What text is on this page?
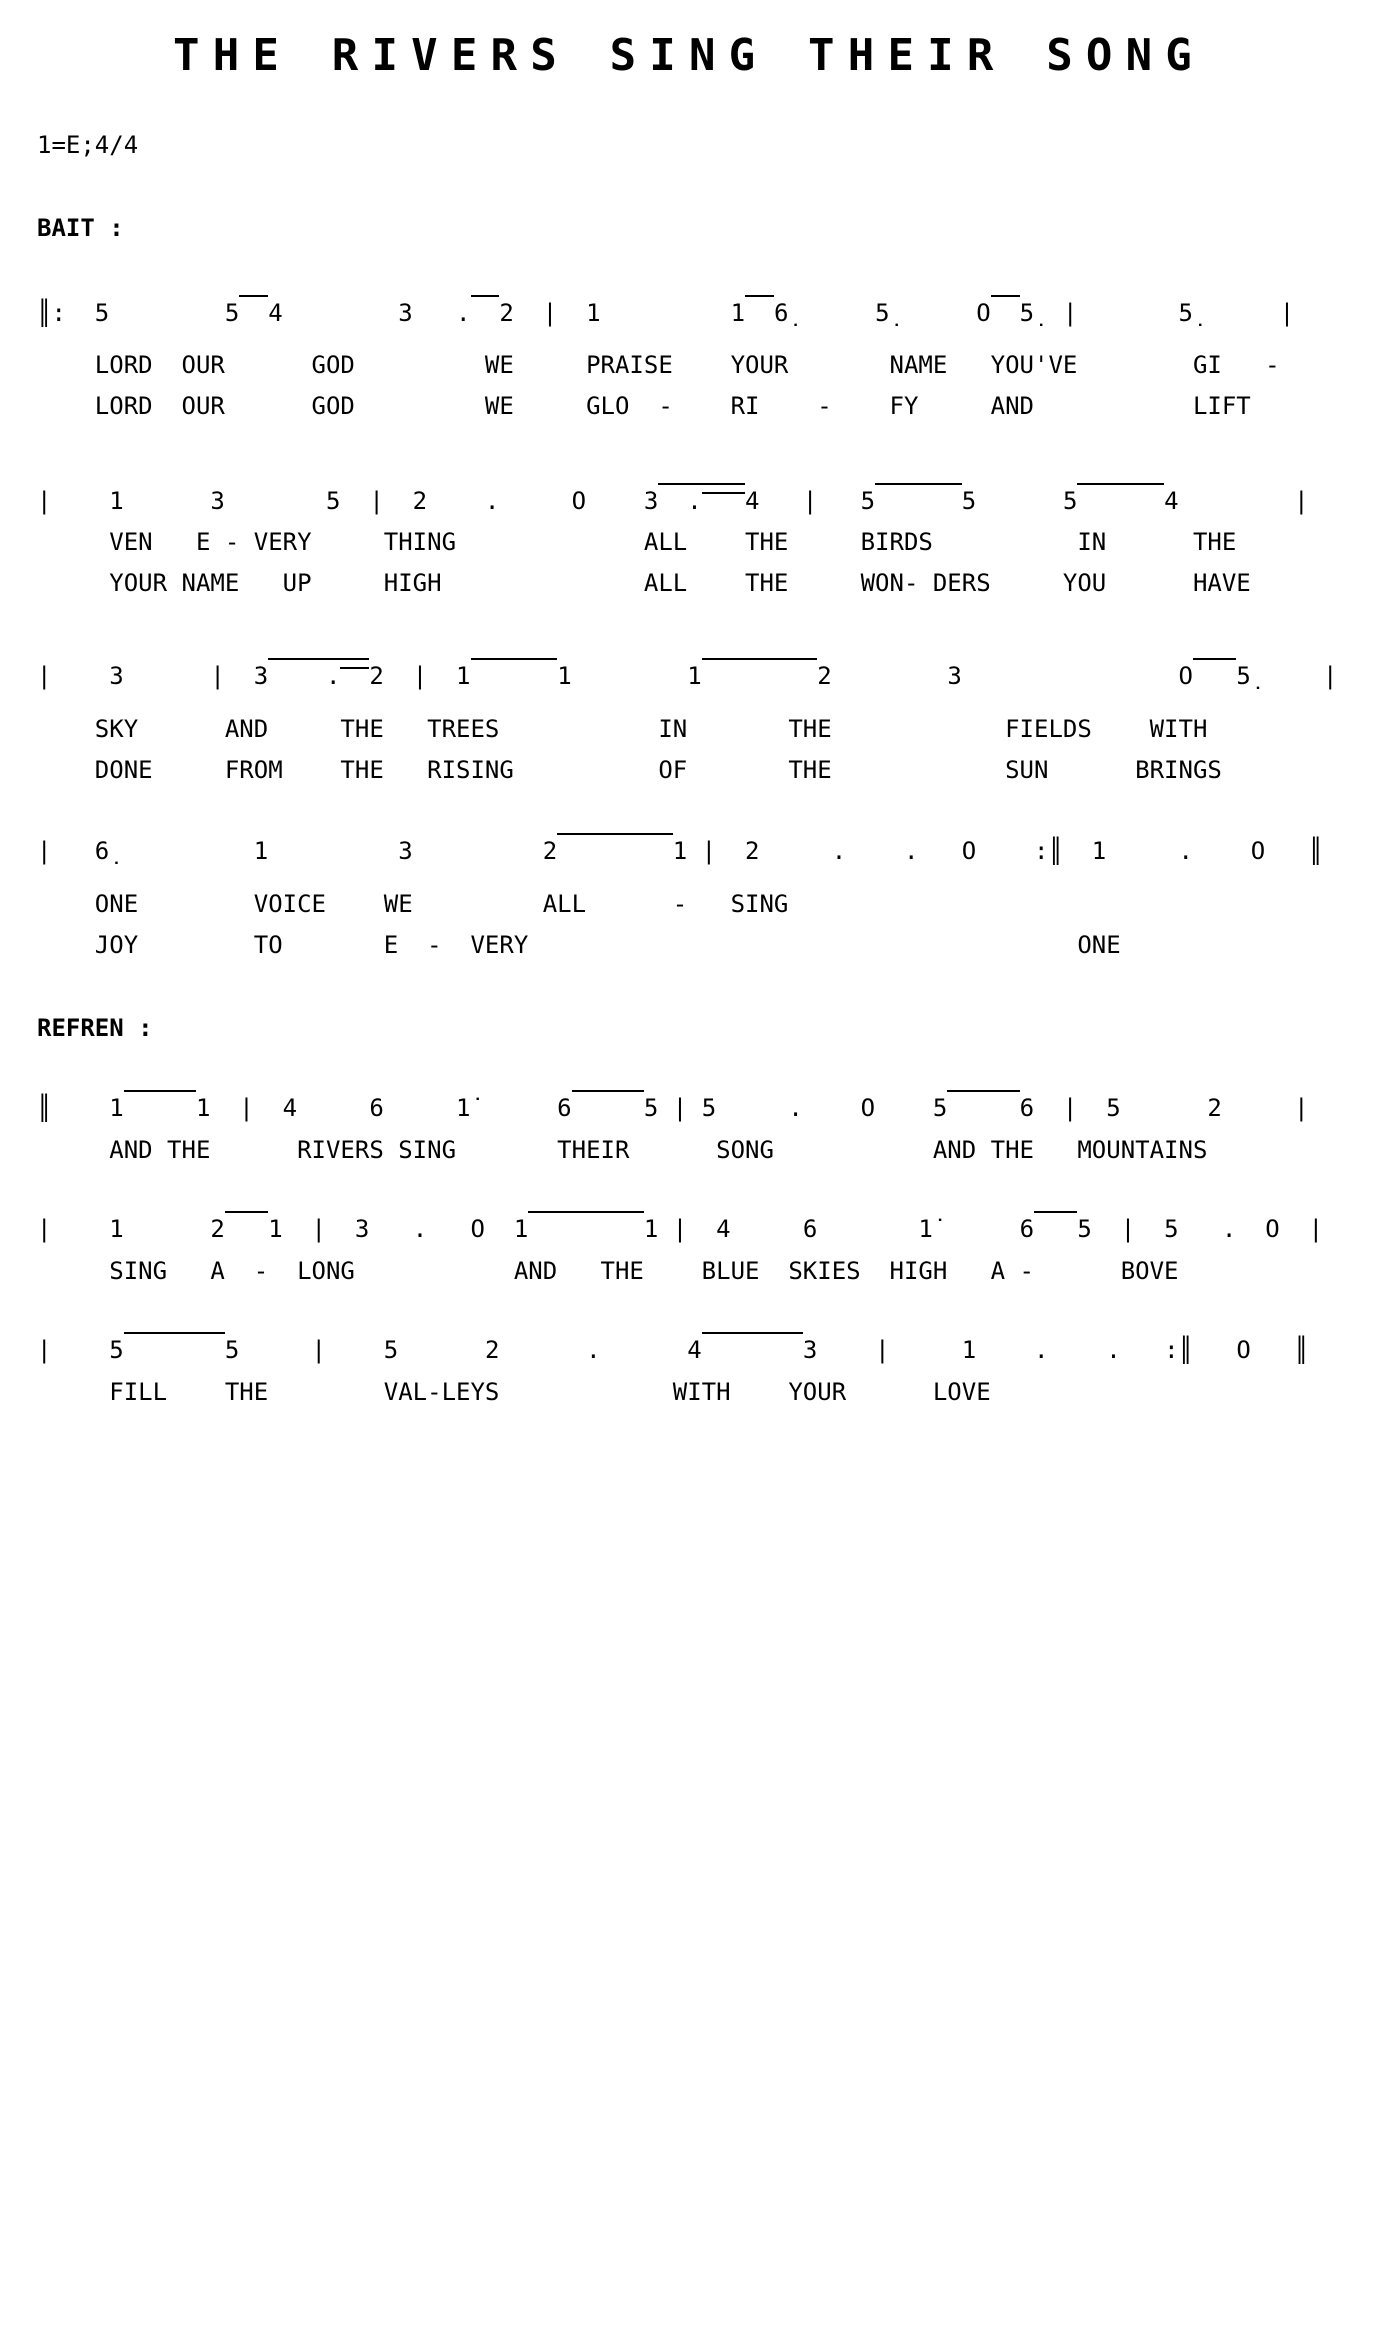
THE RIVERS SING THEIR SONG
1=E;4/4
BAIT :
║:  5        5 4        3   . 2  |  1         1 6̣      5̣      O 5̣  |       5̣      |
LORD  OUR      GOD         WE     PRAISE    YOUR       NAME   YOU'VE        GI   -
LORD  OUR      GOD         WE     GLO  -    RI    -    FY     AND           LIFT
|    1      3       5  |  2    .     O    3  . 4   |   5	5      5	4        |
VEN   E - VERY     THING             ALL    THE     BIRDS          IN      THE
YOUR NAME   UP     HIGH              ALL    THE     WON- DERS     YOU      HAVE
|    3      |  3    . 2  |  1	1        1	2        3               O 5̣     |
SKY      AND     THE   TREES           IN       THE            FIELDS    WITH
DONE     FROM    THE   RISING          OF       THE            SUN      BRINGS
|   6̣          1         3         2	1 |  2     .    .   O    :║  1     .    O   ║
ONE        VOICE    WE         ALL      -   SING
JOY        TO       E  -  VERY                                      ONE
REFREN :
║    1	1  |  4     6     1̇      6	5 | 5     .    O    5	6  |  5      2     |
AND THE      RIVERS SING       THEIR      SONG           AND THE   MOUNTAINS
|    1      2 1  |  3   .   O  1	1 |  4     6       1̇      6 5  |  5   .  O  |
SING   A  -  LONG           AND   THE    BLUE  SKIES  HIGH   A -      BOVE
|    5	5     |    5      2      .      4	3    |     1    .    .   :║   O   ║
FILL    THE        VAL-LEYS            WITH    YOUR      LOVE
